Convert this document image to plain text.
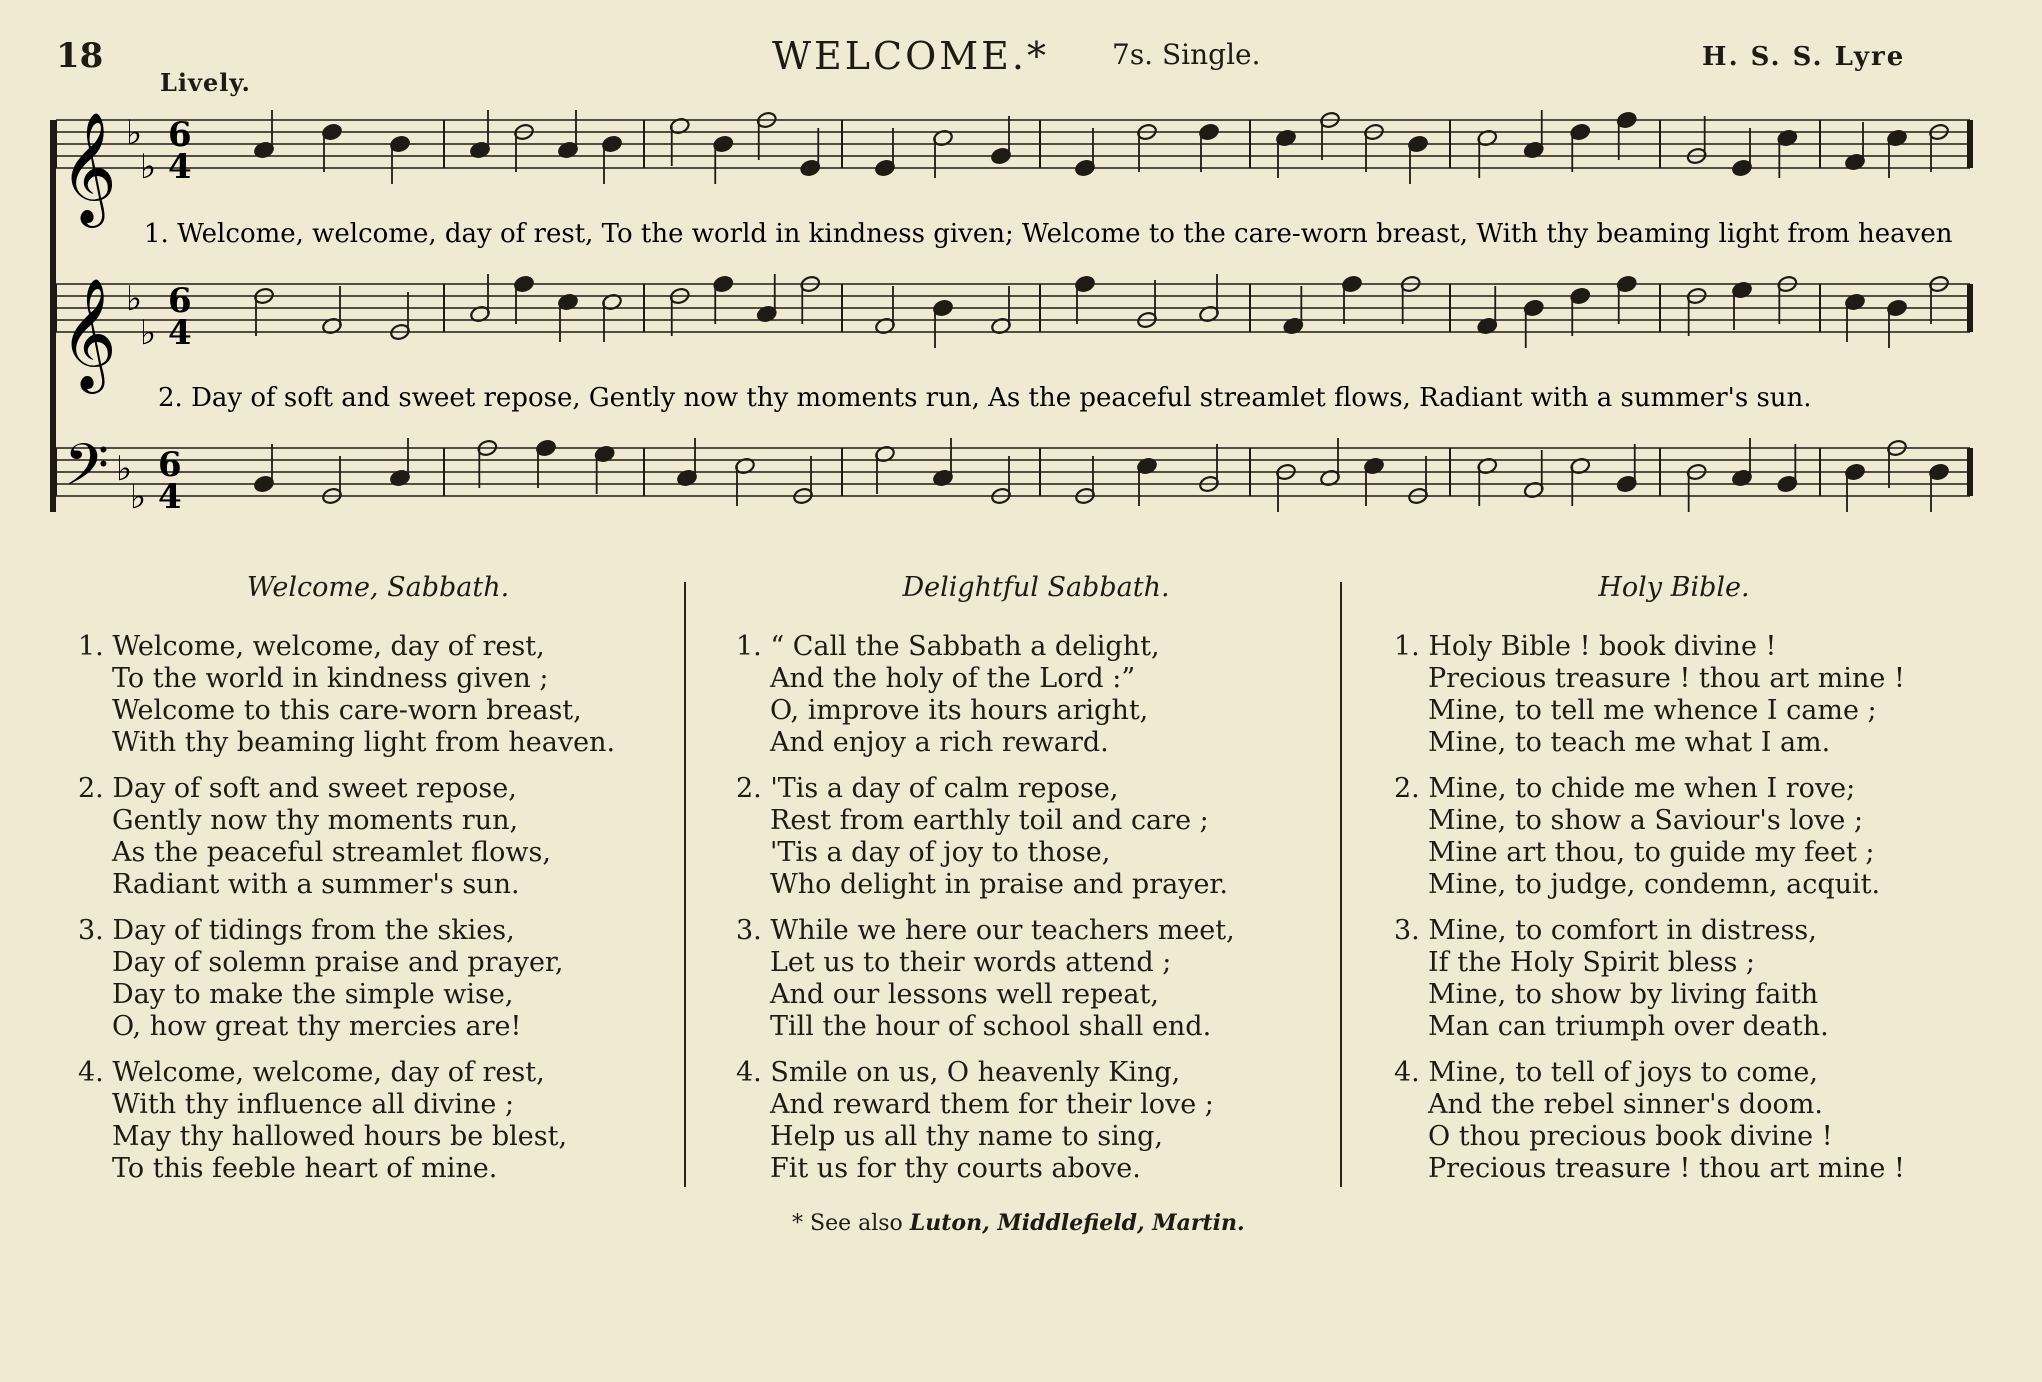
18	WELCOME.* 7s. Single.	H. S. S. Lyre
Lively.
𝄞
𝄞
𝄢
♭
♭
♭
♭
♭
♭
6
4
6
4
6
4
1. Welcome, welcome, day of rest, To the world in kindness given; Welcome to the care-worn breast, With thy beaming light from heaven
2. Day of soft and sweet repose, Gently now thy moments run, As the peaceful streamlet flows, Radiant with a summer's sun.
Welcome, Sabbath.
1. Welcome, welcome, day of rest,
To the world in kindness given ;
Welcome to this care-worn breast,
With thy beaming light from heaven.
2. Day of soft and sweet repose,
Gently now thy moments run,
As the peaceful streamlet flows,
Radiant with a summer's sun.
3. Day of tidings from the skies,
Day of solemn praise and prayer,
Day to make the simple wise,
O, how great thy mercies are!
4. Welcome, welcome, day of rest,
With thy influence all divine ;
May thy hallowed hours be blest,
To this feeble heart of mine.
Delightful Sabbath.
1. “ Call the Sabbath a delight,
And the holy of the Lord :”
O, improve its hours aright,
And enjoy a rich reward.
2. 'Tis a day of calm repose,
Rest from earthly toil and care ;
'Tis a day of joy to those,
Who delight in praise and prayer.
3. While we here our teachers meet,
Let us to their words attend ;
And our lessons well repeat,
Till the hour of school shall end.
4. Smile on us, O heavenly King,
And reward them for their love ;
Help us all thy name to sing,
Fit us for thy courts above.
Holy Bible.
1. Holy Bible ! book divine !
Precious treasure ! thou art mine !
Mine, to tell me whence I came ;
Mine, to teach me what I am.
2. Mine, to chide me when I rove;
Mine, to show a Saviour's love ;
Mine art thou, to guide my feet ;
Mine, to judge, condemn, acquit.
3. Mine, to comfort in distress,
If the Holy Spirit bless ;
Mine, to show by living faith
Man can triumph over death.
4. Mine, to tell of joys to come,
And the rebel sinner's doom.
O thou precious book divine !
Precious treasure ! thou art mine !
* See also Luton, Middlefield, Martin.
